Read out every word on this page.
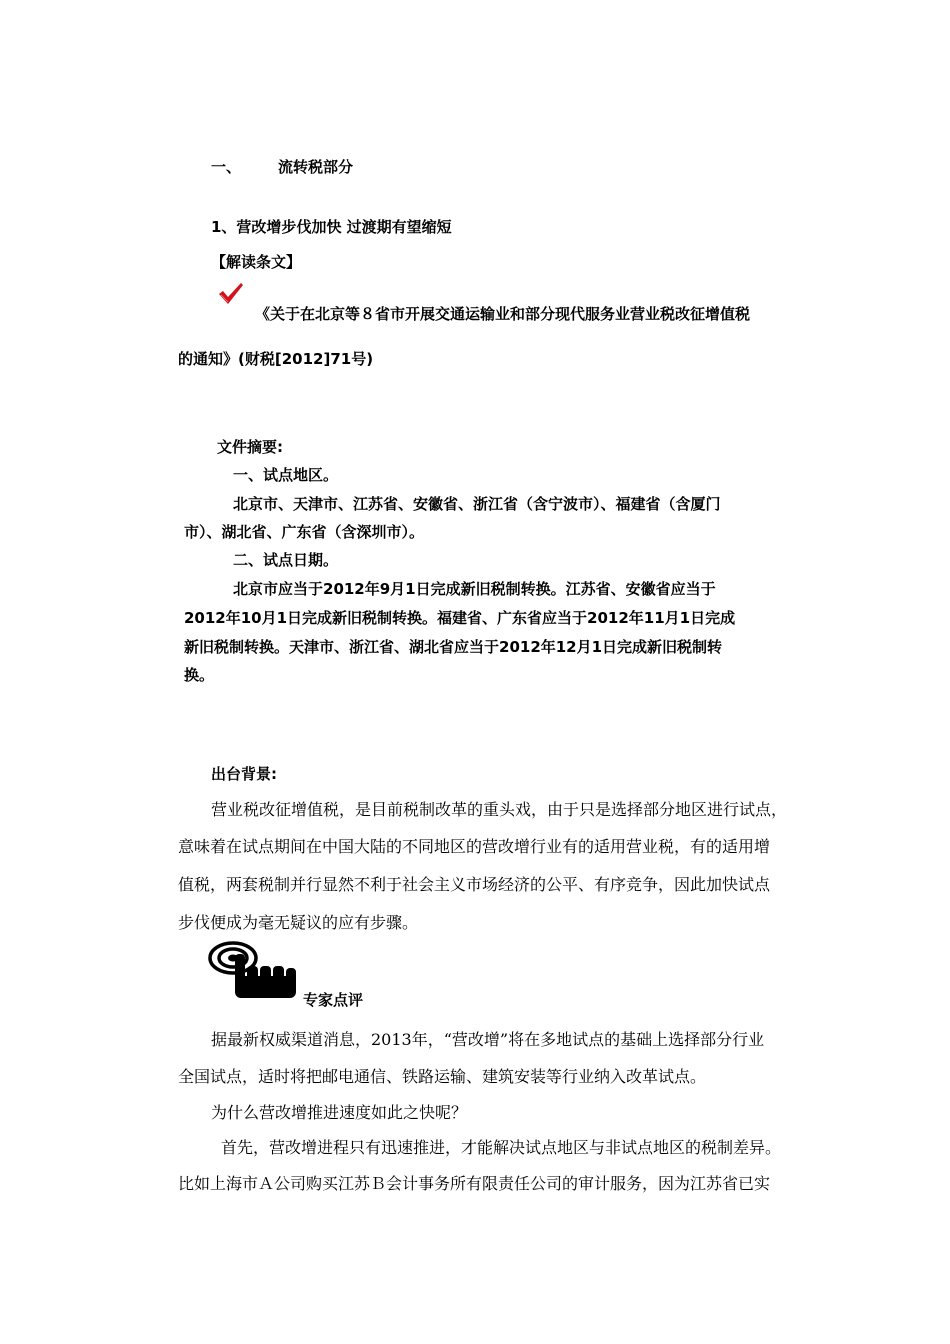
一、 流转税部分
1、营改增步伐加快 过渡期有望缩短
【解读条文】
《关于在北京等８省市开展交通运输业和部分现代服务业营业税改征增值税
的通知》(财税[2012]71号)
文件摘要:
一、试点地区。
北京市、天津市、江苏省、安徽省、浙江省（含宁波市）、福建省（含厦门
市）、湖北省、广东省（含深圳市）。
二、试点日期。
北京市应当于2012年9月1日完成新旧税制转换。江苏省、安徽省应当于
2012年10月1日完成新旧税制转换。福建省、广东省应当于2012年11月1日完成
新旧税制转换。天津市、浙江省、湖北省应当于2012年12月1日完成新旧税制转
换。
出台背景:
营业税改征增值税，是目前税制改革的重头戏，由于只是选择部分地区进行试点，
意味着在试点期间在中国大陆的不同地区的营改增行业有的适用营业税，有的适用增
值税，两套税制并行显然不利于社会主义市场经济的公平、有序竞争，因此加快试点
步伐便成为毫无疑议的应有步骤。
专家点评
据最新权威渠道消息，2013年，“营改增”将在多地试点的基础上选择部分行业
全国试点，适时将把邮电通信、铁路运输、建筑安装等行业纳入改革试点。
为什么营改增推进速度如此之快呢？
首先，营改增进程只有迅速推进，才能解决试点地区与非试点地区的税制差异。
比如上海市Ａ公司购买江苏Ｂ会计事务所有限责任公司的审计服务，因为江苏省已实
